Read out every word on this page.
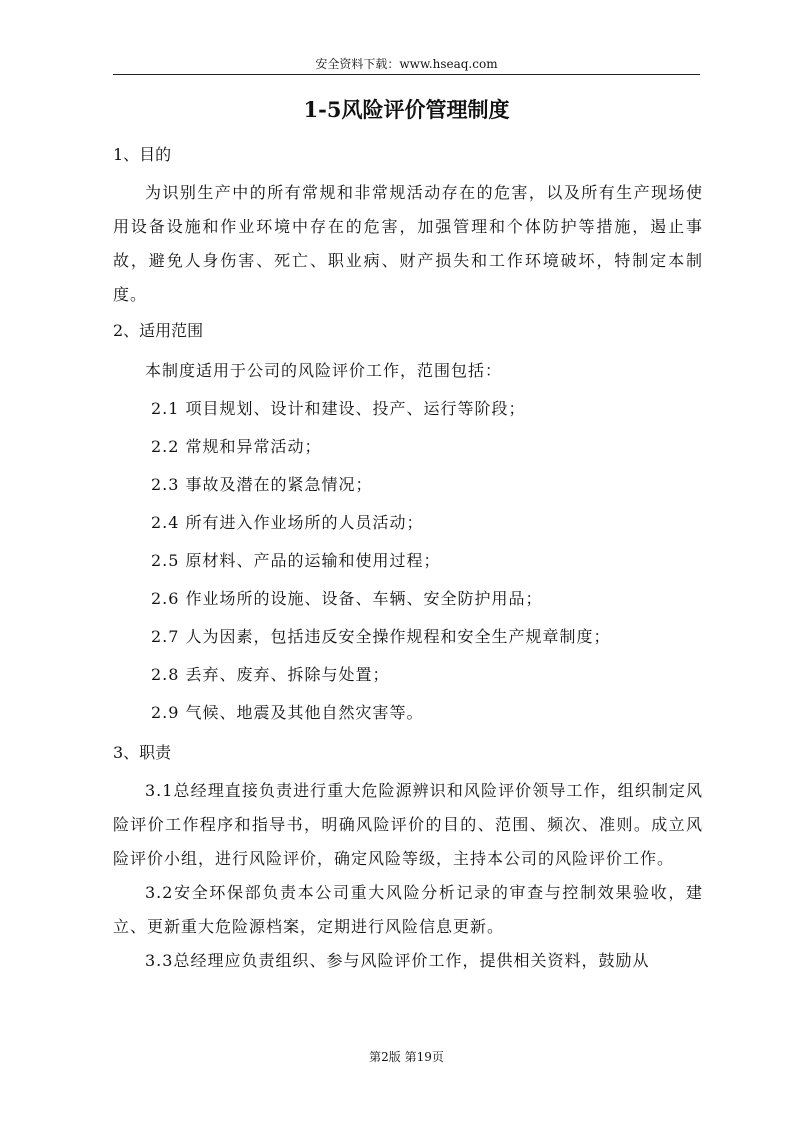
安全资料下载：www.hseaq.com
1-5风险评价管理制度
1、目的

为识别生产中的所有常规和非常规活动存在的危害，以及所有生产现场使用设备设施和作业环境中存在的危害，加强管理和个体防护等措施，遏止事故，避免人身伤害、死亡、职业病、财产损失和工作环境破坏，特制定本制度。

2、适用范围

本制度适用于公司的风险评价工作，范围包括：

2.1 项目规划、设计和建设、投产、运行等阶段；

2.2 常规和异常活动；

2.3 事故及潜在的紧急情况；

2.4 所有进入作业场所的人员活动；

2.5 原材料、产品的运输和使用过程；

2.6 作业场所的设施、设备、车辆、安全防护用品；

2.7 人为因素，包括违反安全操作规程和安全生产规章制度；

2.8 丢弃、废弃、拆除与处置；

2.9 气候、地震及其他自然灾害等。

3、职责

3.1总经理直接负责进行重大危险源辨识和风险评价领导工作，组织制定风险评价工作程序和指导书，明确风险评价的目的、范围、频次、准则。成立风险评价小组，进行风险评价，确定风险等级，主持本公司的风险评价工作。

3.2安全环保部负责本公司重大风险分析记录的审查与控制效果验收，建立、更新重大危险源档案，定期进行风险信息更新。

3.3总经理应负责组织、参与风险评价工作，提供相关资料，鼓励从

第2版 第19页
